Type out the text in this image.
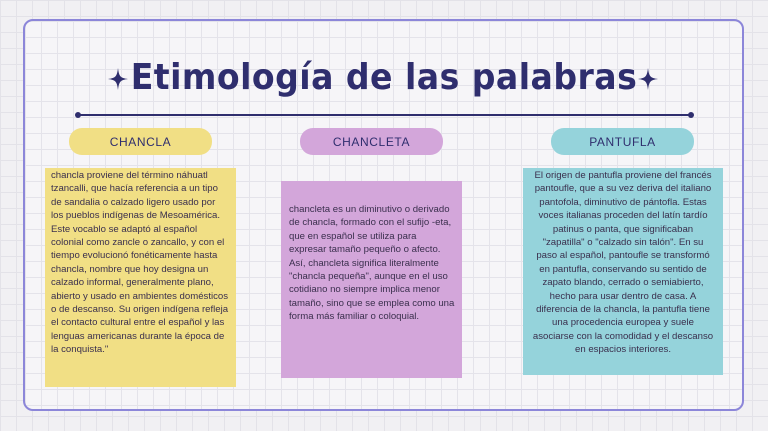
Etimología de las palabras
CHANCLA	CHANCLETA	PANTUFLA
chancla proviene del término náhuatl tzancalli, que hacía referencia a un tipo de sandalia o calzado ligero usado por los pueblos indígenas de Mesoamérica. Este vocablo se adaptó al español colonial como zancle o zancallo, y con el tiempo evolucionó fonéticamente hasta chancla, nombre que hoy designa un calzado informal, generalmente plano, abierto y usado en ambientes domésticos o de descanso. Su origen indígena refleja el contacto cultural entre el español y las lenguas americanas durante la época de la conquista."
chancleta es un diminutivo o derivado de chancla, formado con el sufijo -eta, que en español se utiliza para expresar tamaño pequeño o afecto. Así, chancleta significa literalmente "chancla pequeña", aunque en el uso cotidiano no siempre implica menor tamaño, sino que se emplea como una forma más familiar o coloquial.
El origen de pantufla proviene del francés pantoufle, que a su vez deriva del italiano pantofola, diminutivo de pántofla. Estas voces italianas proceden del latín tardío patinus o panta, que significaban "zapatilla" o "calzado sin talón". En su paso al español, pantoufle se transformó en pantufla, conservando su sentido de zapato blando, cerrado o semiabierto, hecho para usar dentro de casa. A diferencia de la chancla, la pantufla tiene una procedencia europea y suele asociarse con la comodidad y el descanso en espacios interiores.
